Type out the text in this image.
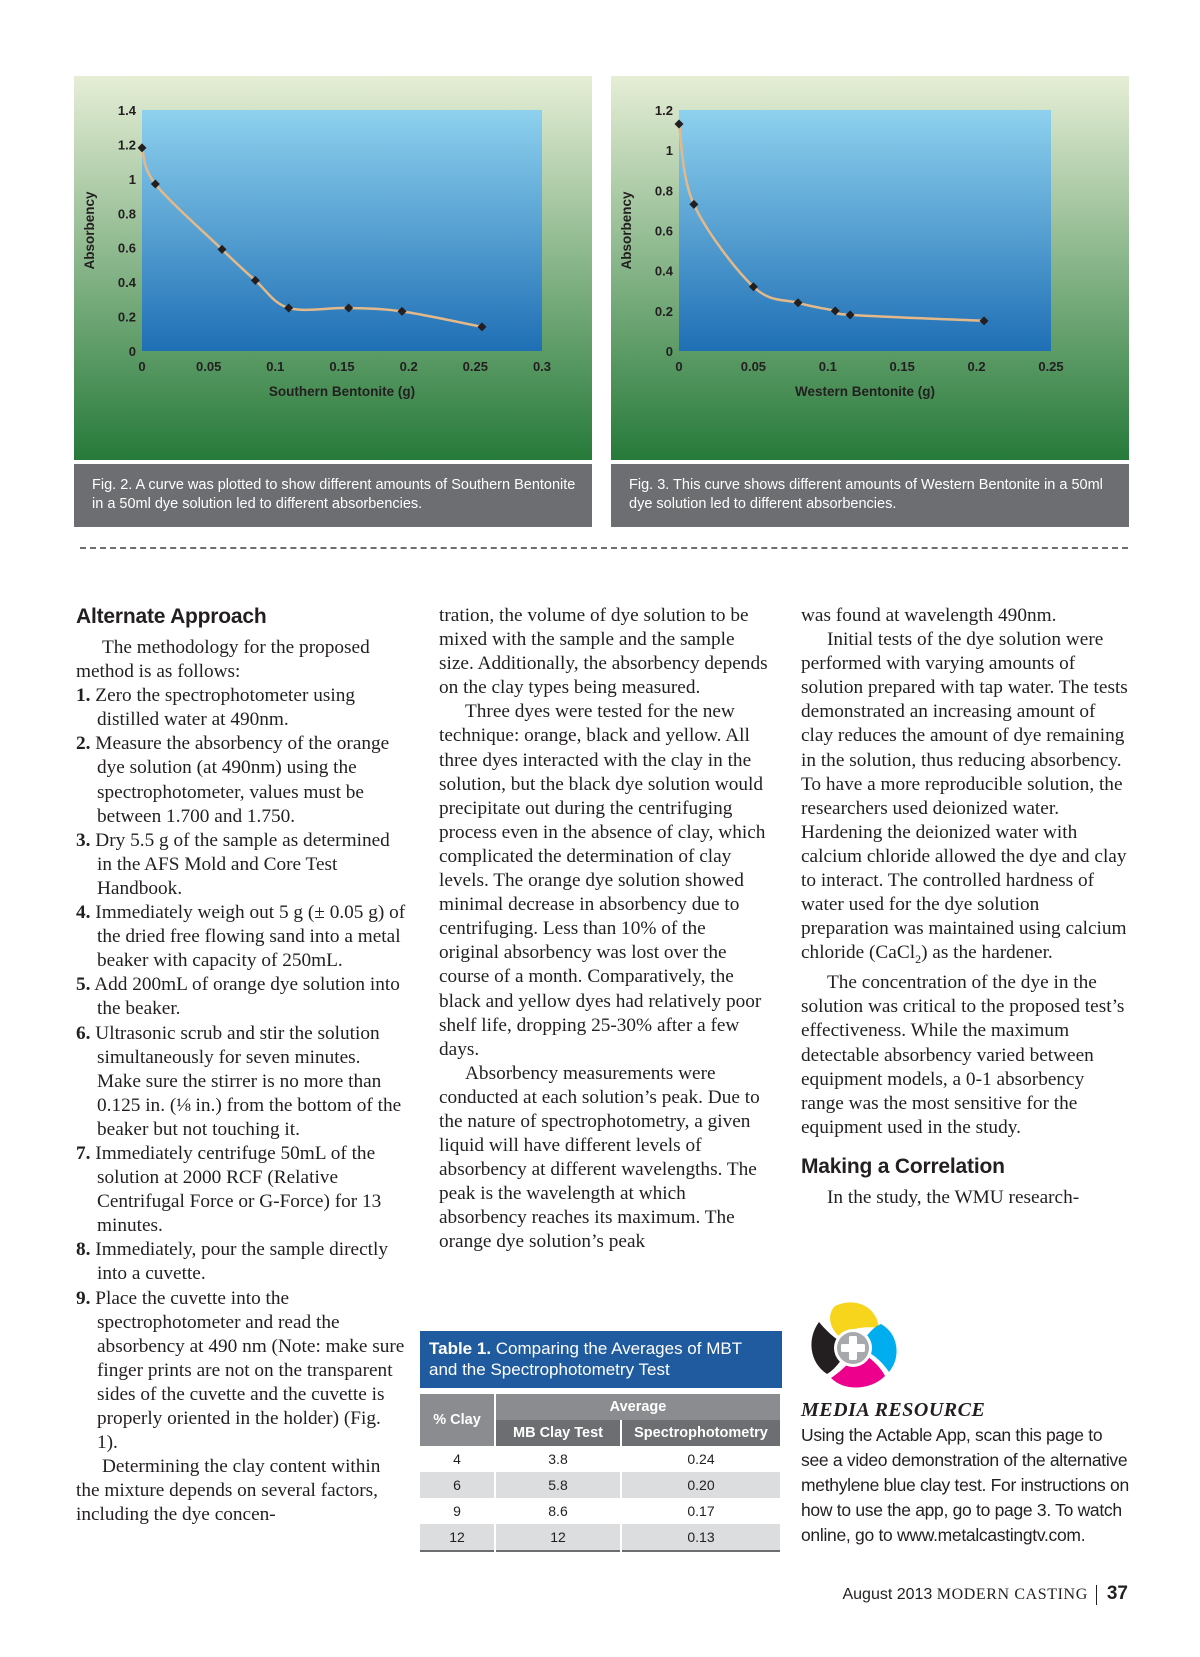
0
0.2
0.4
0.6
0.8
1
1.2
1.4
0	0.05	0.1	0.15	0.2	0.25	0.3
Southern Bentonite (g)
Absorbency
Fig. 2. A curve was plotted to show different amounts of Southern Bentonite in a 50ml dye solution led to different absorbencies.
0
0.2
0.4
0.6
0.8
1
1.2
0	0.05	0.1	0.15	0.2	0.25
Western Bentonite (g)
Absorbency
Fig. 3. This curve shows different amounts of Western Bentonite in a 50ml dye solution led to different absorbencies.
Alternate Approach

The methodology for the proposed method is as follows:

1. Zero the spectrophotometer using distilled water at 490nm.
2. Measure the absorbency of the orange dye solution (at 490nm) using the spectrophotometer, values must be between 1.700 and 1.750.
3. Dry 5.5 g of the sample as determined in the AFS Mold and Core Test Handbook.
4. Immediately weigh out 5 g (± 0.05 g) of the dried free flowing sand into a metal beaker with capacity of 250mL.
5. Add 200mL of orange dye solution into the beaker.
6. Ultrasonic scrub and stir the solution simultaneously for seven minutes. Make sure the stirrer is no more than 0.125 in. (⅛ in.) from the bottom of the beaker but not touching it.
7. Immediately centrifuge 50mL of the solution at 2000 RCF (Relative Centrifugal Force or G-Force) for 13 minutes.
8. Immediately, pour the sample directly into a cuvette.
9. Place the cuvette into the spectrophotometer and read the absorbency at 490 nm (Note: make sure finger prints are not on the transparent sides of the cuvette and the cuvette is properly oriented in the holder) (Fig. 1).

Determining the clay content within the mixture depends on several factors, including the dye concen-

tration, the volume of dye solution to be mixed with the sample and the sample size. Additionally, the absorbency depends on the clay types being measured.

Three dyes were tested for the new technique: orange, black and yellow. All three dyes interacted with the clay in the solution, but the black dye solution would precipitate out during the centrifuging process even in the absence of clay, which complicated the determination of clay levels. The orange dye solution showed minimal decrease in absorbency due to centrifuging. Less than 10% of the original absorbency was lost over the course of a month. Comparatively, the black and yellow dyes had relatively poor shelf life, dropping 25-30% after a few days.

Absorbency measurements were conducted at each solution’s peak. Due to the nature of spectrophotometry, a given liquid will have different levels of absorbency at different wavelengths. The peak is the wavelength at which absorbency reaches its maximum. The orange dye solution’s peak

was found at wavelength 490nm.

Initial tests of the dye solution were performed with varying amounts of solution prepared with tap water. The tests demonstrated an increasing amount of clay reduces the amount of dye remaining in the solution, thus reducing absorbency. To have a more reproducible solution, the researchers used deionized water. Hardening the deionized water with calcium chloride allowed the dye and clay to interact. The controlled hardness of water used for the dye solution preparation was maintained using calcium chloride (CaCl$_2$) as the hardener.

The concentration of the dye in the solution was critical to the proposed test’s effectiveness. While the maximum detectable absorbency varied between equipment models, a 0-1 absorbency range was the most sensitive for the equipment used in the study.

Making a Correlation

In the study, the WMU research-

Table 1. Comparing the Averages of MBT and the Spectrophotometry Test
% Clay	Average	
	MB Clay Test	Spectrophotometry
4	3.8	0.24
6	5.8	0.20
9	8.6	0.17
12	12	0.13
MEDIA RESOURCE
Using the Actable App, scan this page to see a video demonstration of the alternative methylene blue clay test. For instructions on how to use the app, go to page 3. To watch online, go to www.metalcastingtv.com.
August 2013 MODERN CASTING 37
